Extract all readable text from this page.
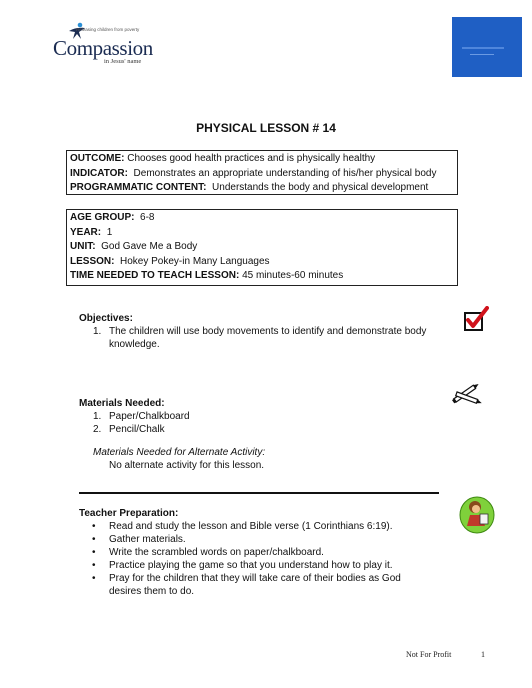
Releasing children from poverty
Compassion
in Jesus' name
PHYSICAL LESSON # 14
OUTCOME: Chooses good health practices and is physically healthy
INDICATOR: Demonstrates an appropriate understanding of his/her physical body
PROGRAMMATIC CONTENT: Understands the body and physical development
AGE GROUP: 6-8
YEAR: 1
UNIT: God Gave Me a Body
LESSON: Hokey Pokey-in Many Languages
TIME NEEDED TO TEACH LESSON: 45 minutes-60 minutes
Objectives:
1. The children will use body movements to identify and demonstrate body
knowledge.
Materials Needed:
1. Paper/Chalkboard
2. Pencil/Chalk
Materials Needed for Alternate Activity:
No alternate activity for this lesson.
Teacher Preparation:
• Read and study the lesson and Bible verse (1 Corinthians 6:19).
• Gather materials.
• Write the scrambled words on paper/chalkboard.
• Practice playing the game so that you understand how to play it.
• Pray for the children that they will take care of their bodies as God
desires them to do.
Not For Profit	1
